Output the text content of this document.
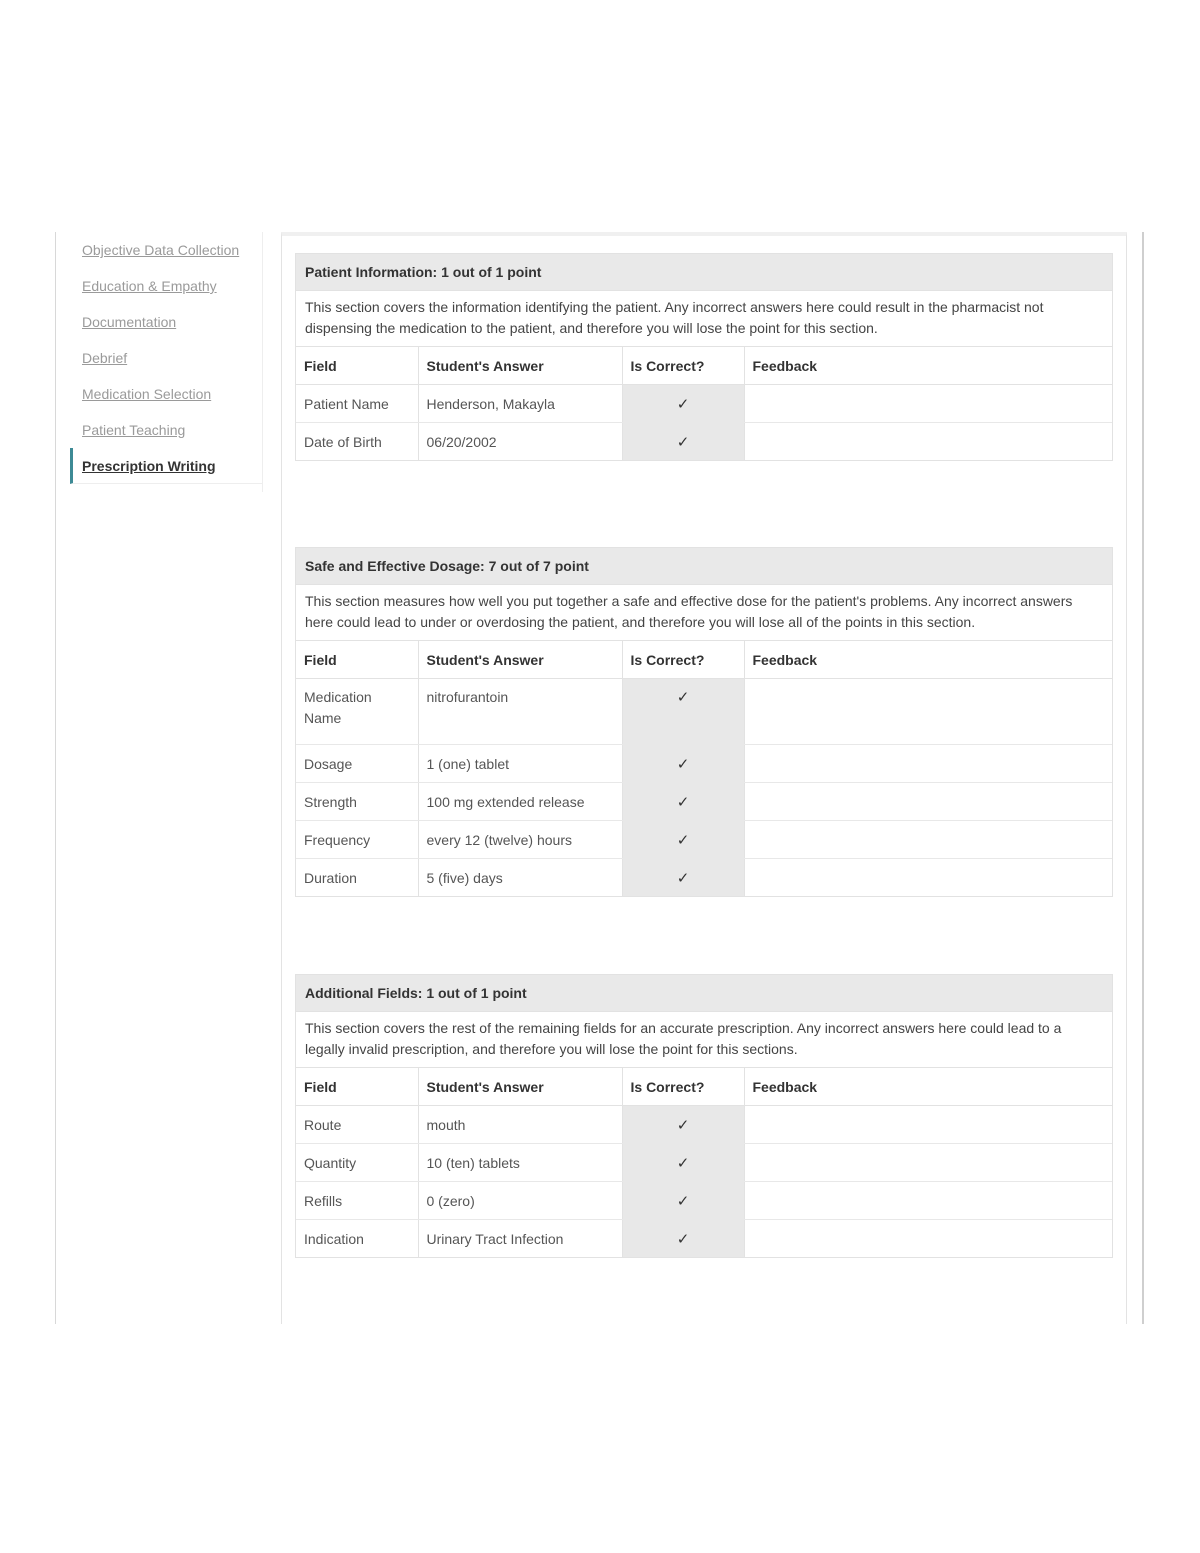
Objective Data Collection
Education & Empathy
Documentation
Debrief
Medication Selection
Patient Teaching
Prescription Writing
Patient Information: 1 out of 1 point
This section covers the information identifying the patient. Any incorrect answers here could result in the pharmacist not dispensing the medication to the patient, and therefore you will lose the point for this section.
Field	Student's Answer	Is Correct?	Feedback
Patient Name	Henderson, Makayla	✓	
Date of Birth	06/20/2002	✓	
Safe and Effective Dosage: 7 out of 7 point
This section measures how well you put together a safe and effective dose for the patient's problems. Any incorrect answers here could lead to under or overdosing the patient, and therefore you will lose all of the points in this section.
Field	Student's Answer	Is Correct?	Feedback
Medication Name	nitrofurantoin	✓	
Dosage	1 (one) tablet	✓	
Strength	100 mg extended release	✓	
Frequency	every 12 (twelve) hours	✓	
Duration	5 (five) days	✓	
Additional Fields: 1 out of 1 point
This section covers the rest of the remaining fields for an accurate prescription. Any incorrect answers here could lead to a legally invalid prescription, and therefore you will lose the point for this sections.
Field	Student's Answer	Is Correct?	Feedback
Route	mouth	✓	
Quantity	10 (ten) tablets	✓	
Refills	0 (zero)	✓	
Indication	Urinary Tract Infection	✓	
